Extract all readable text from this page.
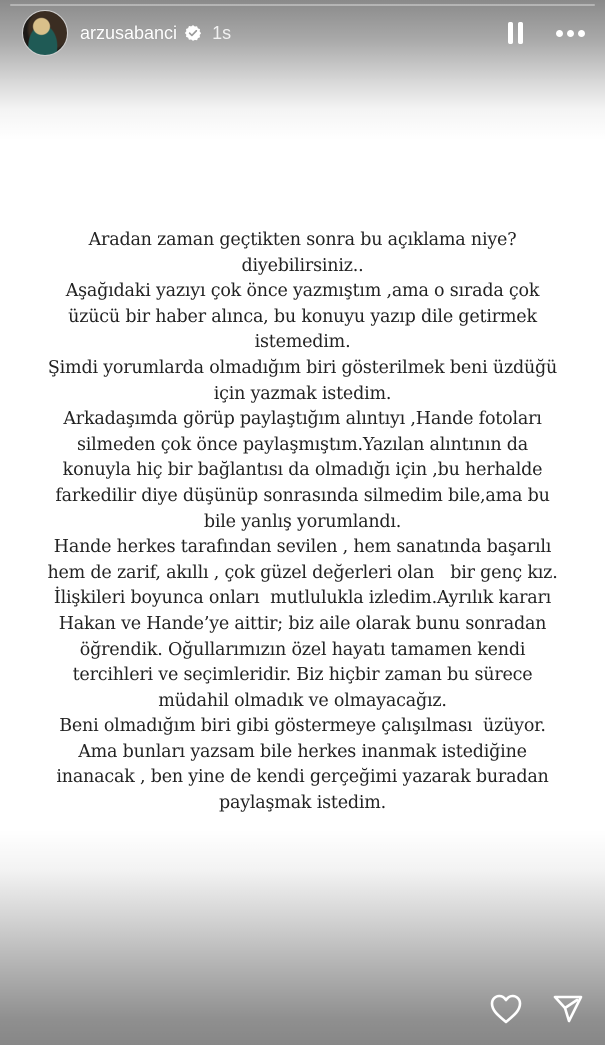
arzusabanci 1s
Aradan zaman geçtikten sonra bu açıklama niye?
diyebilirsiniz..
Aşağıdaki yazıyı çok önce yazmıştım ,ama o sırada çok
üzücü bir haber alınca, bu konuyu yazıp dile getirmek
istemedim.
Şimdi yorumlarda olmadığım biri gösterilmek beni üzdüğü
için yazmak istedim.
Arkadaşımda görüp paylaştığım alıntıyı ,Hande fotoları
silmeden çok önce paylaşmıştım.Yazılan alıntının da
konuyla hiç bir bağlantısı da olmadığı için ,bu herhalde
farkedilir diye düşünüp sonrasında silmedim bile,ama bu
bile yanlış yorumlandı.
Hande herkes tarafından sevilen , hem sanatında başarılı
hem de zarif, akıllı , çok güzel değerleri olan   bir genç kız.
İlişkileri boyunca onları  mutlulukla izledim.Ayrılık kararı
Hakan ve Hande’ye aittir; biz aile olarak bunu sonradan
öğrendik. Oğullarımızın özel hayatı tamamen kendi
tercihleri ve seçimleridir. Biz hiçbir zaman bu sürece
müdahil olmadık ve olmayacağız.
Beni olmadığım biri gibi göstermeye çalışılması  üzüyor.
Ama bunları yazsam bile herkes inanmak istediğine
inanacak , ben yine de kendi gerçeğimi yazarak buradan
paylaşmak istedim.
